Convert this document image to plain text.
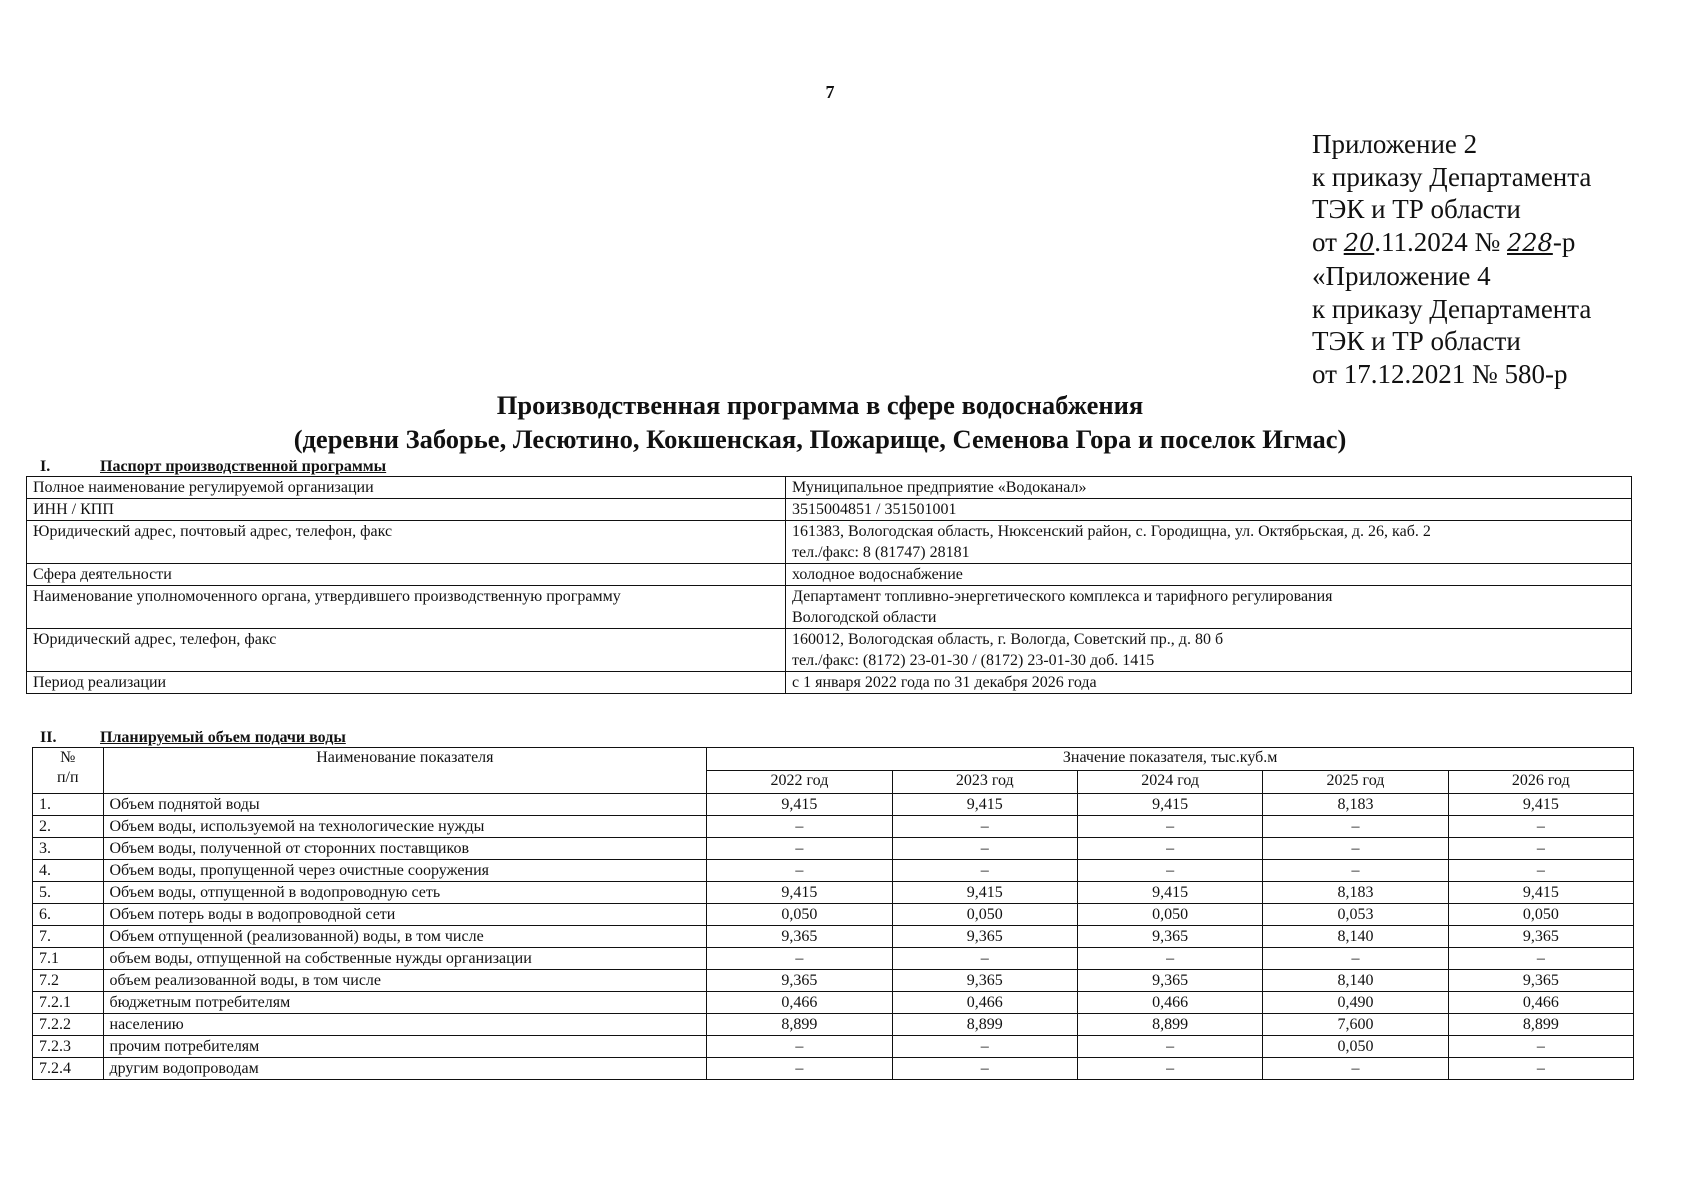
7
Приложение 2
к приказу Департамента
ТЭК и ТР области
от 20.11.2024 № 228-р
«Приложение 4
к приказу Департамента
ТЭК и ТР области
от 17.12.2021 № 580-р
Производственная программа в сфере водоснабжения
(деревни Заборье, Лесютино, Кокшенская, Пожарище, Семенова Гора и поселок Игмас)
I.	Паспорт производственной программы
Полное наименование регулируемой организации	Муниципальное предприятие «Водоканал»

ИНН / КПП	3515004851 / 351501001

Юридический адрес, почтовый адрес, телефон, факс	161383, Вологодская область, Нюксенский район, с. Городищна, ул. Октябрьская, д. 26, каб. 2
тел./факс: 8 (81747) 28181

Сфера деятельности	холодное водоснабжение

Наименование уполномоченного органа, утвердившего производственную программу	Департамент топливно-энергетического комплекса и тарифного регулирования
Вологодской области

Юридический адрес, телефон, факс	160012, Вологодская область, г. Вологда, Советский пр., д. 80 б
тел./факс: (8172) 23-01-30 / (8172) 23-01-30 доб. 1415

Период реализации	с 1 января 2022 года по 31 декабря 2026 года
II.	Планируемый объем подачи воды
№
п/п	Наименование показателя	Значение показателя, тыс.куб.м				
		2022 год	2023 год	2024 год	2025 год	2026 год
1.	Объем поднятой воды	9,415	9,415	9,415	8,183	9,415
2.	Объем воды, используемой на технологические нужды	–	–	–	–	–
3.	Объем воды, полученной от сторонних поставщиков	–	–	–	–	–
4.	Объем воды, пропущенной через очистные сооружения	–	–	–	–	–
5.	Объем воды, отпущенной в водопроводную сеть	9,415	9,415	9,415	8,183	9,415
6.	Объем потерь воды в водопроводной сети	0,050	0,050	0,050	0,053	0,050
7.	Объем отпущенной (реализованной) воды, в том числе	9,365	9,365	9,365	8,140	9,365
7.1	объем воды, отпущенной на собственные нужды организации	–	–	–	–	–
7.2	объем реализованной воды, в том числе	9,365	9,365	9,365	8,140	9,365
7.2.1	бюджетным потребителям	0,466	0,466	0,466	0,490	0,466
7.2.2	населению	8,899	8,899	8,899	7,600	8,899
7.2.3	прочим потребителям	–	–	–	0,050	–
7.2.4	другим водопроводам	–	–	–	–	–
